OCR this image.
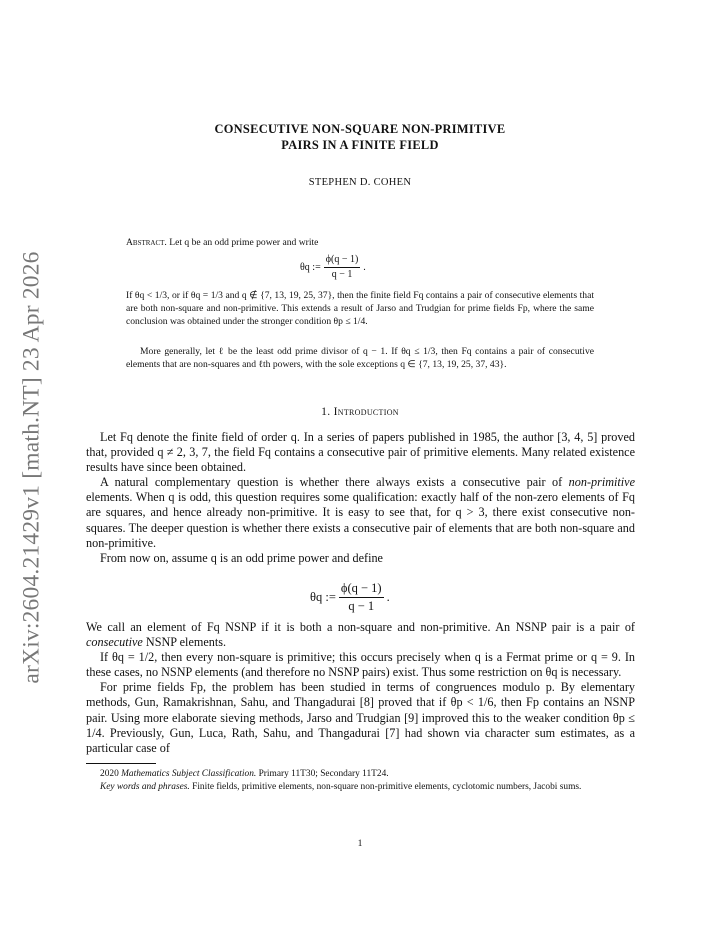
arXiv:2604.21429v1 [math.NT] 23 Apr 2026
CONSECUTIVE NON-SQUARE NON-PRIMITIVE
PAIRS IN A FINITE FIELD
STEPHEN D. COHEN
Abstract. Let q be an odd prime power and write
θq := $\frac{\phi(q - 1)}{q - 1}$ .
If θq < 1/3, or if θq = 1/3 and q ∉ {7, 13, 19, 25, 37}, then the finite field Fq contains a pair of consecutive elements that are both non-square and non-primitive. This extends a result of Jarso and Trudgian for prime fields Fp, where the same conclusion was obtained under the stronger condition θp ≤ 1/4.
More generally, let ℓ be the least odd prime divisor of q − 1. If θq ≤ 1/3, then Fq contains a pair of consecutive elements that are non-squares and ℓth powers, with the sole exceptions q ∈ {7, 13, 19, 25, 37, 43}.
1. Introduction

Let Fq denote the finite field of order q. In a series of papers published in 1985, the author [3, 4, 5] proved that, provided q ≠ 2, 3, 7, the field Fq contains a consecutive pair of primitive elements. Many related existence results have since been obtained.

A natural complementary question is whether there always exists a consecutive pair of non-primitive elements. When q is odd, this question requires some qualification: exactly half of the non-zero elements of Fq are squares, and hence already non-primitive. It is easy to see that, for q > 3, there exist consecutive non-squares. The deeper question is whether there exists a consecutive pair of elements that are both non-square and non-primitive.

From now on, assume q is an odd prime power and define

θq := $\frac{\phi(q - 1)}{q - 1}$ .

We call an element of Fq NSNP if it is both a non-square and non-primitive. An NSNP pair is a pair of consecutive NSNP elements.

If θq = 1/2, then every non-square is primitive; this occurs precisely when q is a Fermat prime or q = 9. In these cases, no NSNP elements (and therefore no NSNP pairs) exist. Thus some restriction on θq is necessary.

For prime fields Fp, the problem has been studied in terms of congruences modulo p. By elementary methods, Gun, Ramakrishnan, Sahu, and Thangadurai [8] proved that if θp < 1/6, then Fp contains an NSNP pair. Using more elaborate sieving methods, Jarso and Trudgian [9] improved this to the weaker condition θp ≤ 1/4. Previously, Gun, Luca, Rath, Sahu, and Thangadurai [7] had shown via character sum estimates, as a particular case of

2020 Mathematics Subject Classification. Primary 11T30; Secondary 11T24.

Key words and phrases. Finite fields, primitive elements, non-square non-primitive elements, cyclotomic numbers, Jacobi sums.

1
